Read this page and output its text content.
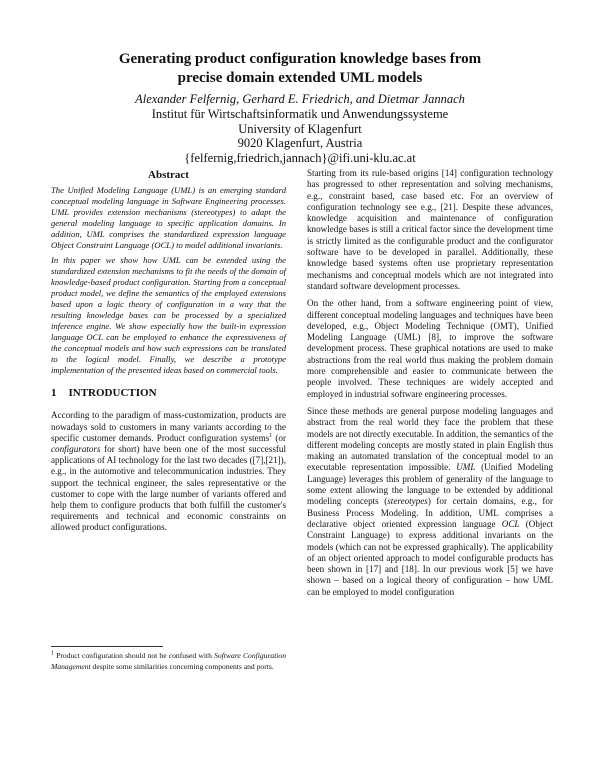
Generating product configuration knowledge bases from
precise domain extended UML models
Alexander Felfernig, Gerhard E. Friedrich, and Dietmar Jannach
Institut für Wirtschaftsinformatik und Anwendungssysteme
University of Klagenfurt
9020 Klagenfurt, Austria
{felfernig,friedrich,jannach}@ifi.uni-klu.ac.at
Abstract

The Unified Modeling Language (UML) is an emerging standard conceptual modeling language in Software Engineering processes. UML provides extension mechanisms (stereotypes) to adapt the general modeling language to specific application domains. In addition, UML comprises the standardized expression language Object Constraint Language (OCL) to model additional invariants.

In this paper we show how UML can be extended using the standardized extension mechanisms to fit the needs of the domain of knowledge-based product configuration. Starting from a conceptual product model, we define the semantics of the employed extensions based upon a logic theory of configuration in a way that the resulting knowledge bases can be processed by a specialized inference engine. We show especially how the built-in expression language OCL can be employed to enhance the expressiveness of the conceptual models and how such expressions can be translated to the logical model. Finally, we describe a prototype implementation of the presented ideas based on commercial tools.

1 INTRODUCTION

According to the paradigm of mass-customization, products are nowadays sold to customers in many variants according to the specific customer demands. Product configuration systems$^1$ (or configurators for short) have been one of the most successful applications of AI technology for the last two decades ([7],[21]), e.g., in the automotive and telecommunication industries. They support the technical engineer, the sales representative or the customer to cope with the large number of variants offered and help them to configure products that both fulfill the customer's requirements and technical and economic constraints on allowed product configurations.

$^1$ Product configuration should not be confused with Software Configuration Management despite some similarities concerning components and ports.

Starting from its rule-based origins [14] configuration technology has progressed to other representation and solving mechanisms, e.g., constraint based, case based etc. For an overview of configuration technology see e.g., [21]. Despite these advances, knowledge acquisition and maintenance of configuration knowledge bases is still a critical factor since the development time is strictly limited as the configurable product and the configurator software have to be developed in parallel. Additionally, these knowledge based systems often use proprietary representation mechanisms and conceptual models which are not integrated into standard software development processes.

On the other hand, from a software engineering point of view, different conceptual modeling languages and techniques have been developed, e.g., Object Modeling Technique (OMT), Unified Modeling Language (UML) [8], to improve the software development process. These graphical notations are used to make abstractions from the real world thus making the problem domain more comprehensible and easier to communicate between the people involved. These techniques are widely accepted and employed in industrial software engineering processes.

Since these methods are general purpose modeling languages and abstract from the real world they face the problem that these models are not directly executable. In addition, the semantics of the different modeling concepts are mostly stated in plain English thus making an automated translation of the conceptual model to an executable representation impossible. UML (Unified Modeling Language) leverages this problem of generality of the language to some extent allowing the language to be extended by additional modeling concepts (stereotypes) for certain domains, e.g., for Business Process Modeling. In addition, UML comprises a declarative object oriented expression language OCL (Object Constraint Language) to express additional invariants on the models (which can not be expressed graphically). The applicability of an object oriented approach to model configurable products has been shown in [17] and [18]. In our previous work [5] we have shown – based on a logical theory of configuration – how UML can be employed to model configuration
